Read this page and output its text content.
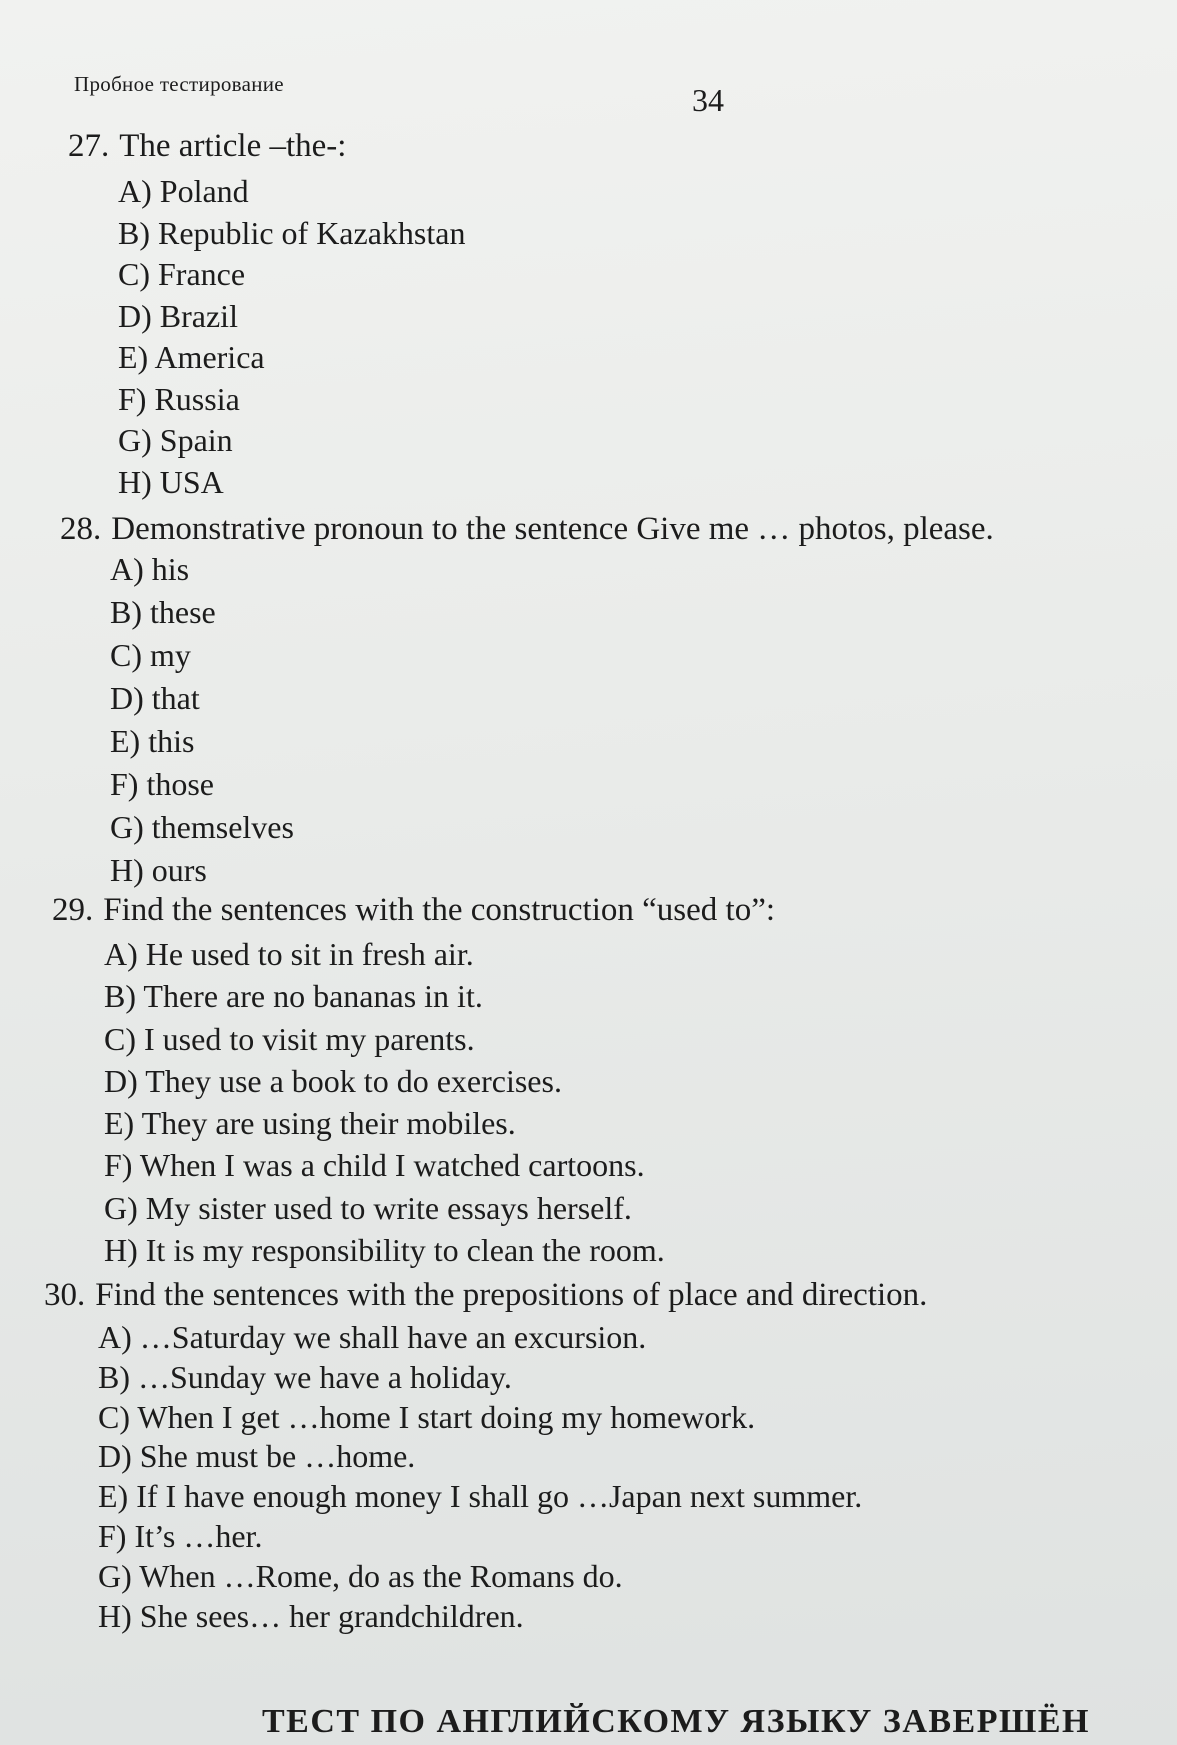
Пробное тестирование	34
27. The article –the-:
A) Poland
B) Republic of Kazakhstan
C) France
D) Brazil
E) America
F) Russia
G) Spain
H) USA
28. Demonstrative pronoun to the sentence Give me … photos, please.
A) his
B) these
C) my
D) that
E) this
F) those
G) themselves
H) ours
29. Find the sentences with the construction “used to”:
A) He used to sit in fresh air.
B) There are no bananas in it.
C) I used to visit my parents.
D) They use a book to do exercises.
E) They are using their mobiles.
F) When I was a child I watched cartoons.
G) My sister used to write essays herself.
H) It is my responsibility to clean the room.
30. Find the sentences with the prepositions of place and direction.
A) …Saturday we shall have an excursion.
B) …Sunday we have a holiday.
C) When I get …home I start doing my homework.
D) She must be …home.
E) If I have enough money I shall go …Japan next summer.
F) It’s …her.
G) When …Rome, do as the Romans do.
H) She sees… her grandchildren.
ТЕСТ ПО АНГЛИЙСКОМУ ЯЗЫКУ ЗАВЕРШЁН
